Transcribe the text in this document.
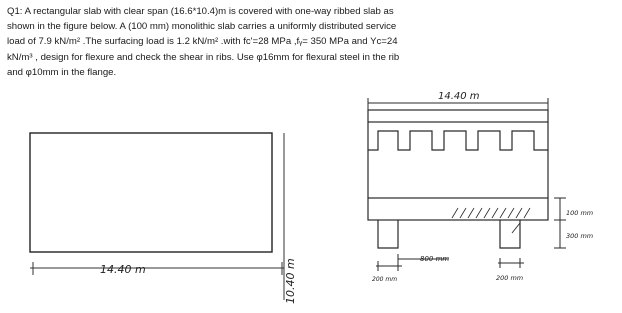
Q1: A rectangular slab with clear span (16.6*10.4)m is covered with one-way ribbed slab as
shown in the figure below. A (100 mm) monolithic slab carries a uniformly distributed service
load of 7.9 kN/m² .The surfacing load is 1.2 kN/m² .with fᴄ'=28 MPa ,fᵧ= 350 MPa and Yᴄ=24
kN/m³ , design for flexure and check the shear in ribs. Use φ16mm for flexural steel in the rib
and φ10mm in the flange.
14.40 m	10.40 m
14.40 m
100 mm
300 mm
800 mm
200 mm	200 mm
